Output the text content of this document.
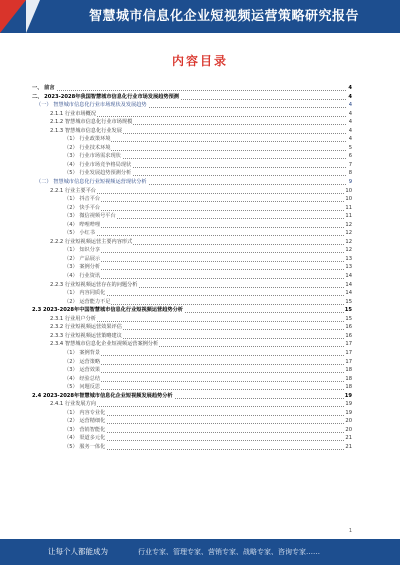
智慧城市信息化企业短视频运营策略研究报告
内容目录
一、 前言	4
二、 2023-2028年我国智慧城市信息化行业市场发展趋势预测	4
（一） 智慧城市信息化行业市场现状及发展趋势	4
2.1.1 行业市场概况	4
2.1.2 智慧城市信息化行业市场规模	4
2.1.3 智慧城市信息化行业发展	4
（1） 行业政策环境	4
（2） 行业技术环境	5
（3） 行业市场需求现状	6
（4） 行业市场竞争格局现状	7
（5） 行业发展趋势预测分析	8
（二） 智慧城市信息化行业短视频运营现状分析	9
2.2.1 行业主要平台	10
（1） 抖音平台	10
（2） 快手平台	11
（3） 微信视频号平台	11
（4） 哔哩哔哩	12
（5） 小红书	12
2.2.2 行业短视频运营主要内容形式	12
（1） 知识分享	12
（2） 产品展示	13
（3） 案例分析	13
（4） 行业资讯	14
2.2.3 行业短视频运营存在的问题分析	14
（1） 内容同质化	14
（2） 运营能力不足	15
2.3 2023-2028年中国智慧城市信息化行业短视频运营趋势分析	15
2.3.1 行业用户分析	15
2.3.2 行业短视频运营效果评估	16
2.3.3 行业短视频运营策略建议	16
2.3.4 智慧城市信息化企业短视频运营案例分析	17
（1） 案例背景	17
（2） 运营策略	17
（3） 运营效果	18
（4） 经验总结	18
（5） 问题反思	18
2.4 2023-2028年智慧城市信息化企业短视频发展趋势分析	19
2.4.1 行业发展方向	19
（1） 内容专业化	19
（2） 运营精细化	20
（3） 营销智能化	20
（4） 渠道多元化	21
（5） 服务一体化	21
1
让每个人都能成为	行业专家、管理专家、营销专家、战略专家、咨询专家……
